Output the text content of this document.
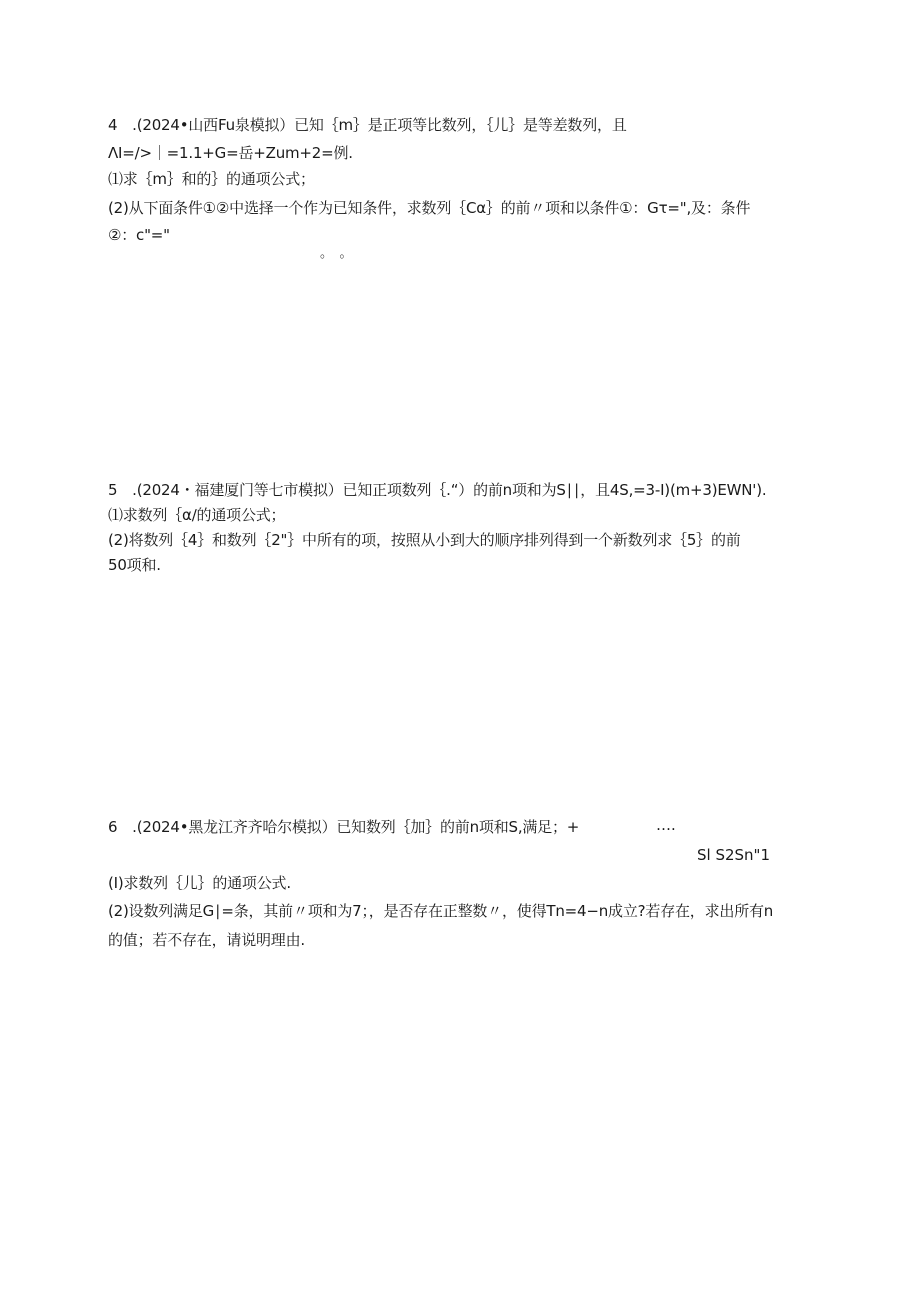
4　.(2024•山西Fu泉模拟）已知｛m｝是正项等比数列，｛儿｝是等差数列，且
ΛI=/>｜=1.1+G=岳+Zum+2=例.
⑴求｛m｝和的｝的通项公式；
(2)从下面条件①②中选择一个作为已知条件，求数列｛Cα｝的前〃项和以条件①：Gτ=",及：条件
②：c"="
。　。
5　.(2024・福建厦门等七市模拟）已知正项数列｛.“）的前n项和为S∣∣，且4S,=3-I)(m+3)EWN').
⑴求数列｛α∕的通项公式；
(2)将数列｛4｝和数列｛2"｝中所有的项，按照从小到大的顺序排列得到一个新数列求｛5｝的前
50项和.
6　.(2024•黑龙江齐齐哈尔模拟）已知数列｛加｝的前n项和S,满足；+	….
Sl S2Sn"1
(I)求数列｛儿｝的通项公式.
(2)设数列满足G∣=条，其前〃项和为7；，是否存在正整数〃，使得Tn=4−n成立?若存在，求出所有n
的值；若不存在，请说明理由.
